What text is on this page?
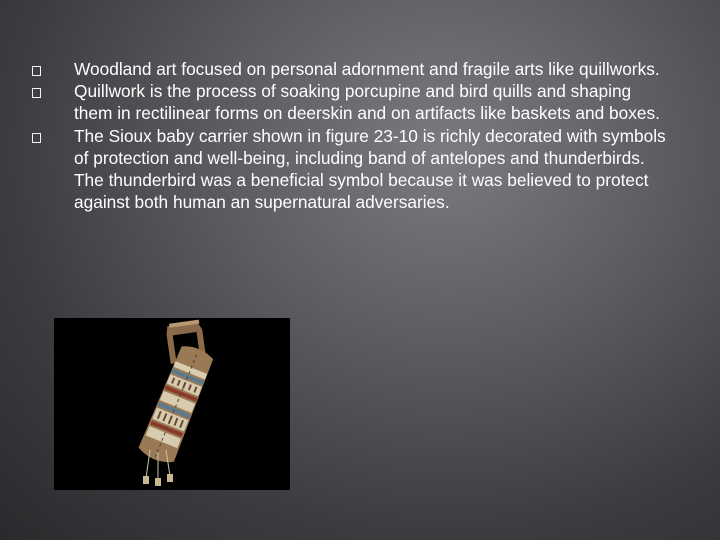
Woodland art focused on personal adornment and fragile arts like quillworks.
Quillwork is the process of soaking porcupine and bird quills and shaping them in rectilinear forms on deerskin and on artifacts like baskets and boxes.
The Sioux baby carrier shown in figure 23-10 is richly decorated with symbols of protection and well-being, including band of antelopes and thunderbirds. The thunderbird was a beneficial symbol because it was believed to protect against both human an supernatural adversaries.
